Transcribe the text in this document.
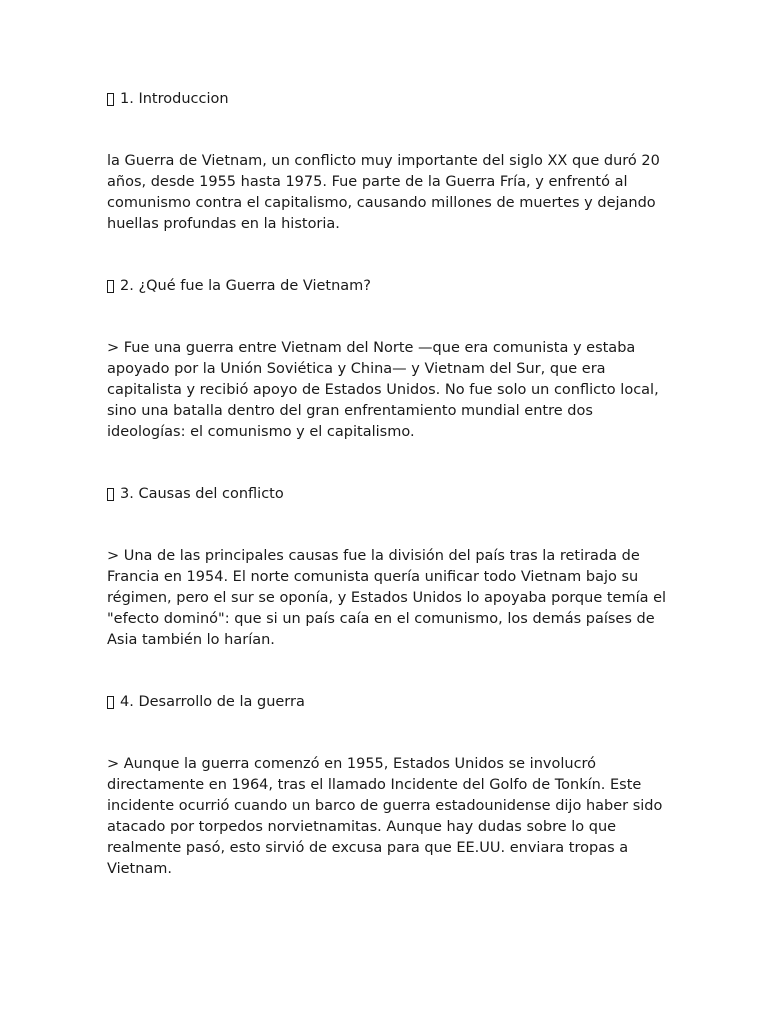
1. Introduccion

la Guerra de Vietnam, un conflicto muy importante del siglo XX que duró 20 años, desde 1955 hasta 1975. Fue parte de la Guerra Fría, y enfrentó al comunismo contra el capitalismo, causando millones de muertes y dejando huellas profundas en la historia.

2. ¿Qué fue la Guerra de Vietnam?

> Fue una guerra entre Vietnam del Norte —que era comunista y estaba apoyado por la Unión Soviética y China— y Vietnam del Sur, que era capitalista y recibió apoyo de Estados Unidos. No fue solo un conflicto local, sino una batalla dentro del gran enfrentamiento mundial entre dos ideologías: el comunismo y el capitalismo.

3. Causas del conflicto

> Una de las principales causas fue la división del país tras la retirada de Francia en 1954. El norte comunista quería unificar todo Vietnam bajo su régimen, pero el sur se oponía, y Estados Unidos lo apoyaba porque temía el "efecto dominó": que si un país caía en el comunismo, los demás países de Asia también lo harían.

4. Desarrollo de la guerra

> Aunque la guerra comenzó en 1955, Estados Unidos se involucró directamente en 1964, tras el llamado Incidente del Golfo de Tonkín. Este incidente ocurrió cuando un barco de guerra estadounidense dijo haber sido atacado por torpedos norvietnamitas. Aunque hay dudas sobre lo que realmente pasó, esto sirvió de excusa para que EE.UU. enviara tropas a Vietnam.
